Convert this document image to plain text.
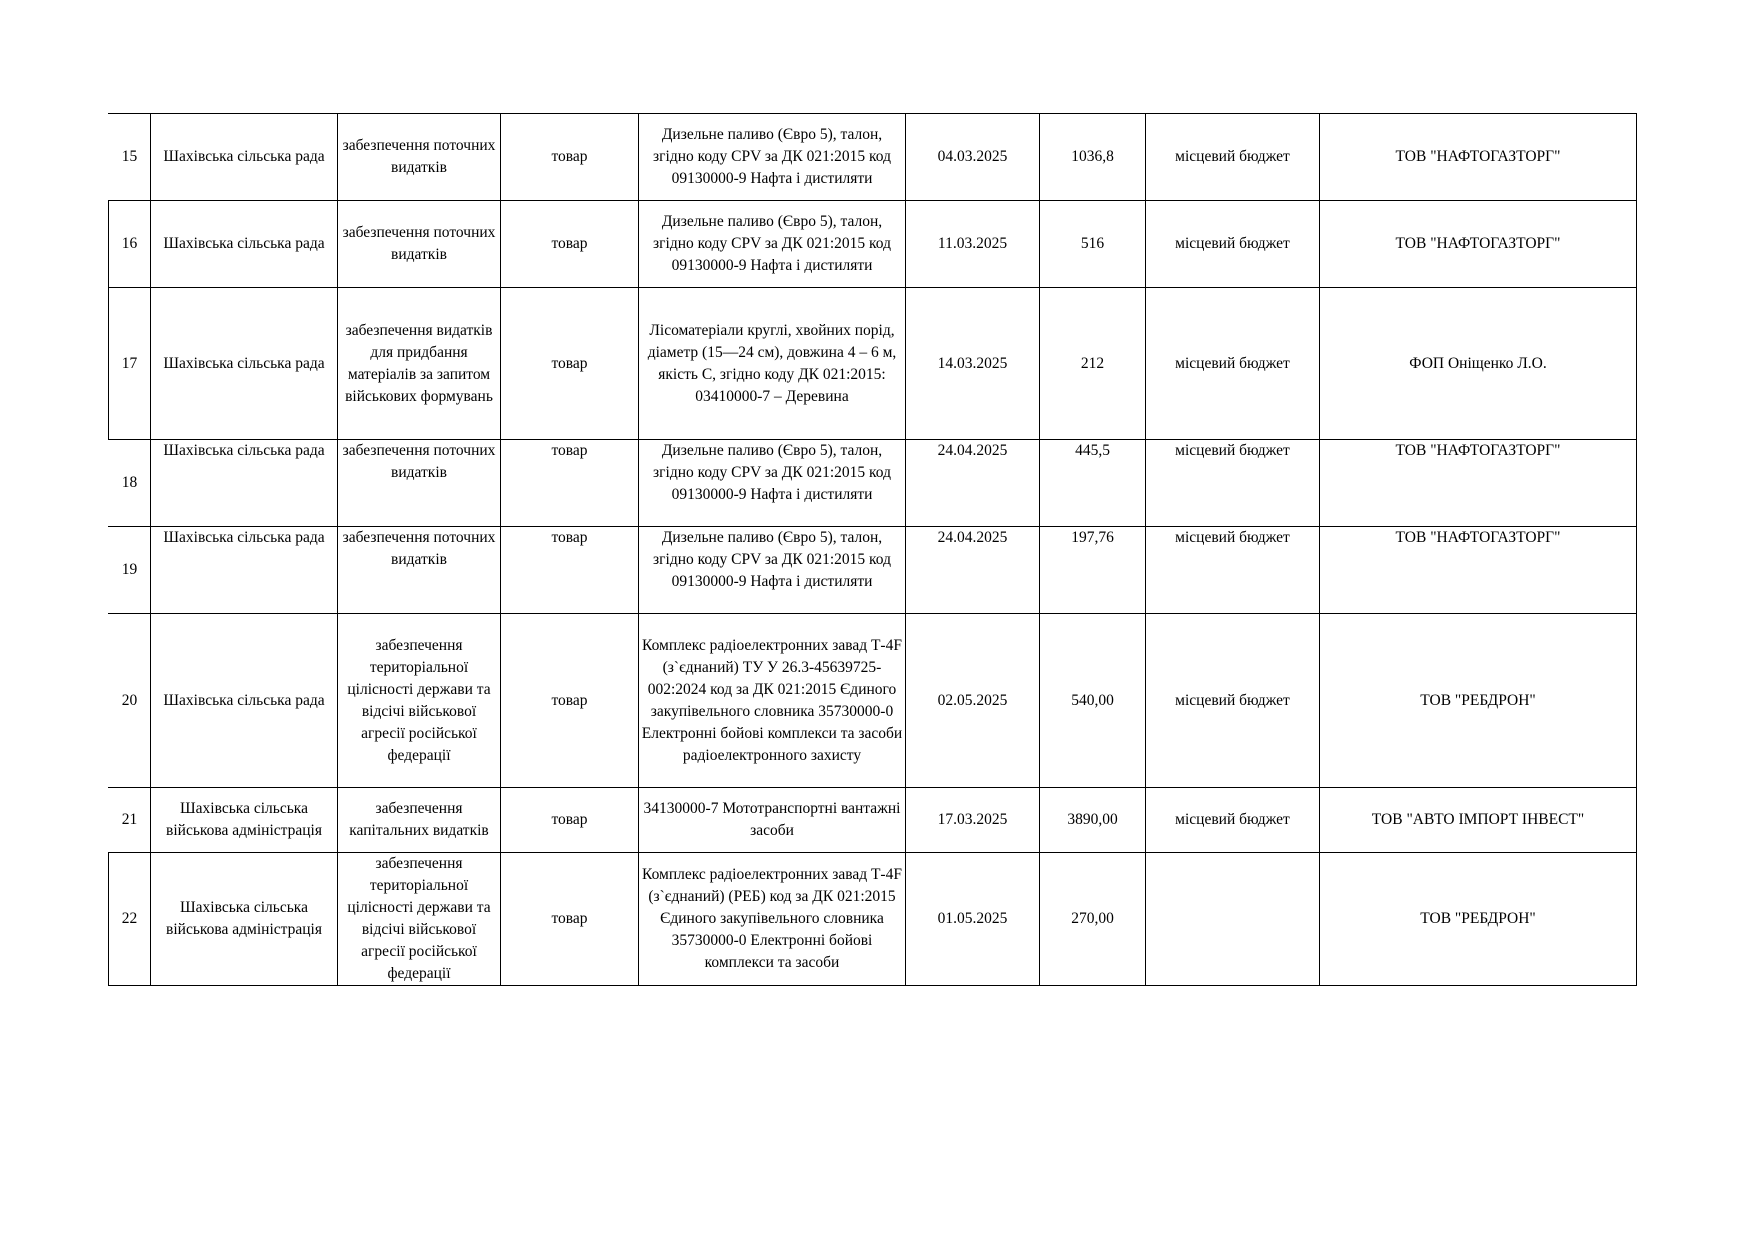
15	Шахівська сільська рада	забезпечення поточних видатків	товар	Дизельне паливо (Євро 5), талон, згідно коду CPV за ДК 021:2015 код 09130000-9 Нафта і дистиляти	04.03.2025	1036,8	місцевий бюджет	ТОВ "НАФТОГАЗТОРГ"
16	Шахівська сільська рада	забезпечення поточних видатків	товар	Дизельне паливо (Євро 5), талон, згідно коду CPV за ДК 021:2015 код 09130000-9 Нафта і дистиляти	11.03.2025	516	місцевий бюджет	ТОВ "НАФТОГАЗТОРГ"
17	Шахівська сільська рада	забезпечення видатків для придбання матеріалів за запитом військових формувань	товар	Лісоматеріали круглі, хвойних порід, діаметр (15—24 см), довжина 4 – 6 м, якість С, згідно коду ДК 021:2015: 03410000-7 – Деревина	14.03.2025	212	місцевий бюджет	ФОП Оніщенко Л.О.
18	Шахівська сільська рада	забезпечення поточних видатків	товар	Дизельне паливо (Євро 5), талон, згідно коду CPV за ДК 021:2015 код 09130000-9 Нафта і дистиляти	24.04.2025	445,5	місцевий бюджет	ТОВ "НАФТОГАЗТОРГ"
19	Шахівська сільська рада	забезпечення поточних видатків	товар	Дизельне паливо (Євро 5), талон, згідно коду CPV за ДК 021:2015 код 09130000-9 Нафта і дистиляти	24.04.2025	197,76	місцевий бюджет	ТОВ "НАФТОГАЗТОРГ"
20	Шахівська сільська рада	забезпечення територіальної цілісності держави та відсічі військової агресії російської федерації	товар	Комплекс радіоелектронних завад Т-4F (з`єднаний) ТУ У 26.3-45639725-002:2024 код за ДК 021:2015 Єдиного закупівельного словника 35730000-0 Електронні бойові комплекси та засоби радіоелектронного захисту	02.05.2025	540,00	місцевий бюджет	ТОВ "РЕБДРОН"
21	Шахівська сільська військова адміністрація	забезпечення капітальних видатків	товар	34130000-7 Мототранспортні вантажні засоби	17.03.2025	3890,00	місцевий бюджет	ТОВ "АВТО ІМПОРТ ІНВЕСТ"
22	Шахівська сільська військова адміністрація	забезпечення територіальної цілісності держави та відсічі військової агресії російської федерації	товар	Комплекс радіоелектронних завад Т-4F (з`єднаний) (РЕБ) код за ДК 021:2015 Єдиного закупівельного словника 35730000-0 Електронні бойові комплекси та засоби	01.05.2025	270,00		ТОВ "РЕБДРОН"
